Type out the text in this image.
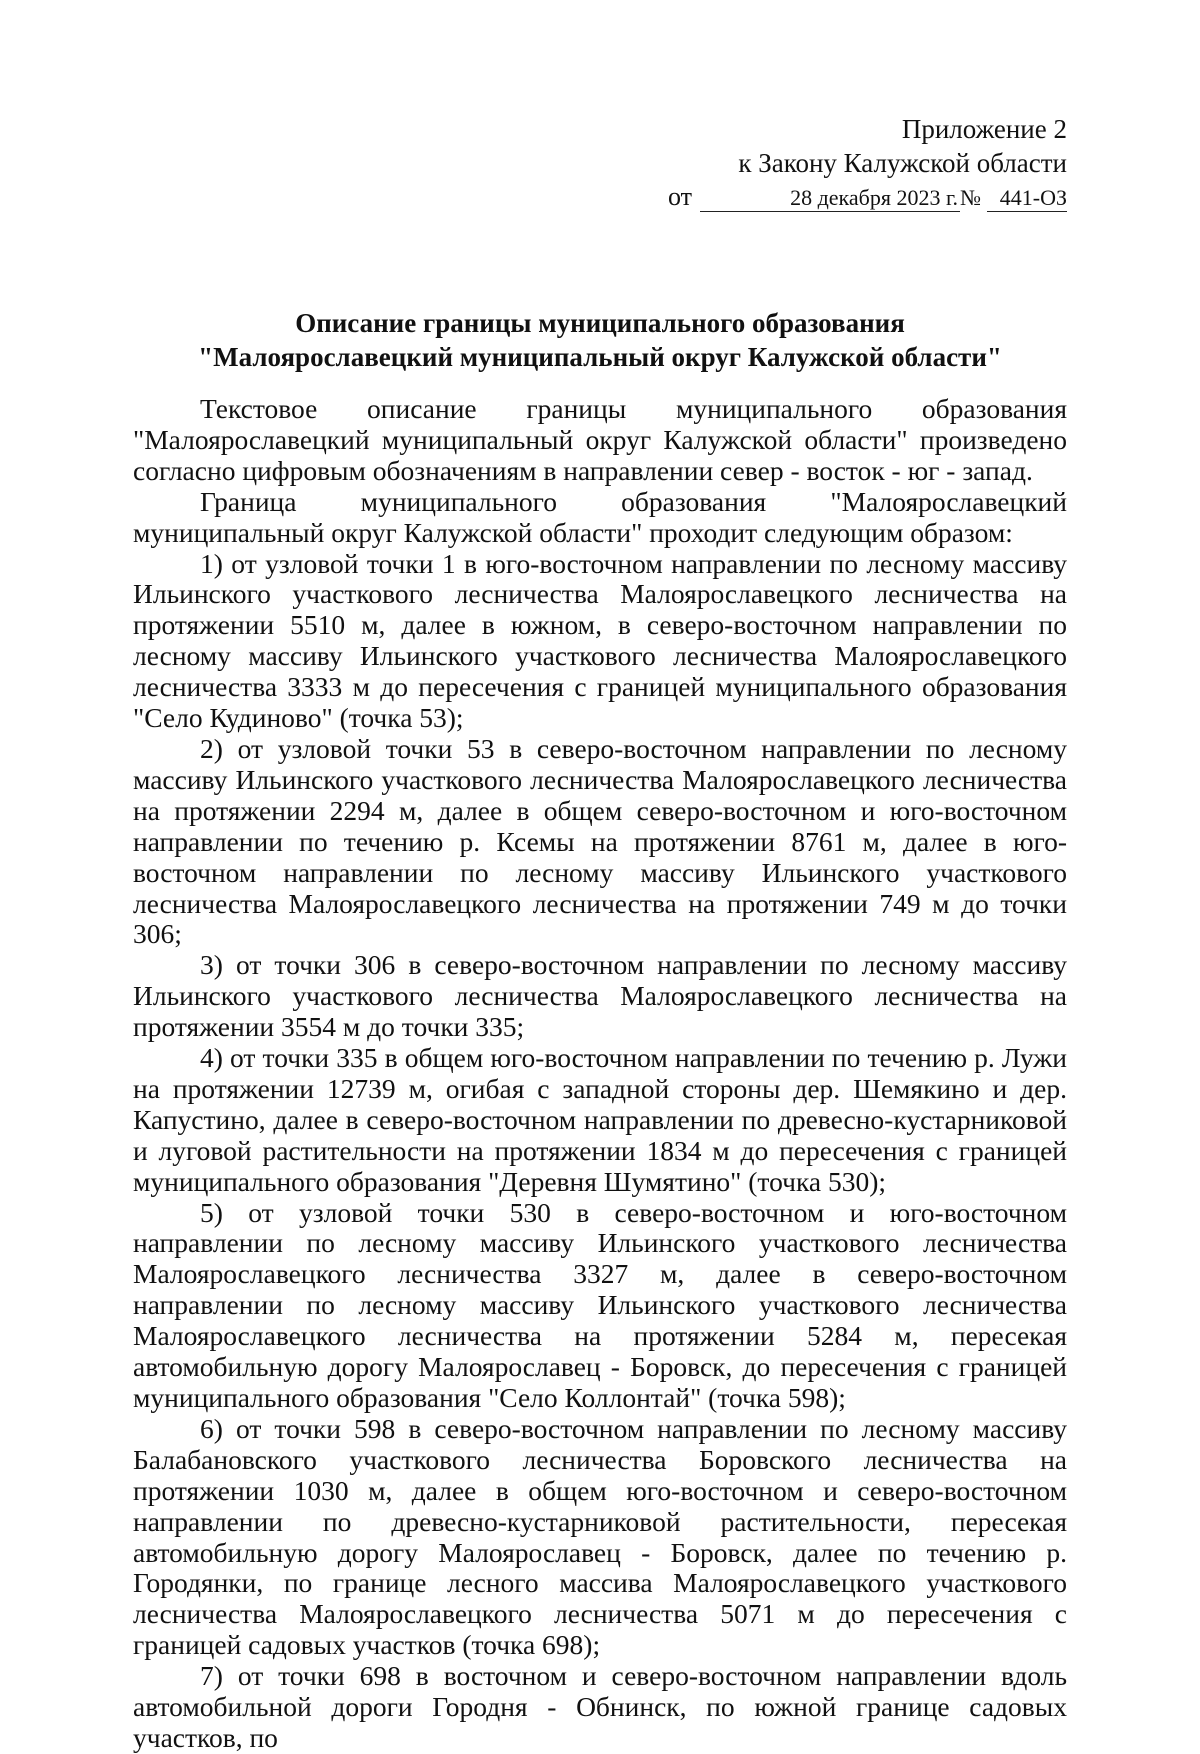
Приложение 2
к Закону Калужской области
от	28 декабря 2023 г.№ 441-ОЗ
Описание границы муниципального образования
"Малоярославецкий муниципальный округ Калужской области"

Текстовое описание границы муниципального образования "Малоярославецкий муниципальный округ Калужской области" произведено согласно цифровым обозначениям в направлении север - восток - юг - запад.

Граница муниципального образования "Малоярославецкий муниципальный округ Калужской области" проходит следующим образом:

1) от узловой точки 1 в юго-восточном направлении по лесному массиву Ильинского участкового лесничества Малоярославецкого лесничества на протяжении 5510 м, далее в южном, в северо-восточном направлении по лесному массиву Ильинского участкового лесничества Малоярославецкого лесничества 3333 м до пересечения с границей муниципального образования "Село Кудиново" (точка 53);

2) от узловой точки 53 в северо-восточном направлении по лесному массиву Ильинского участкового лесничества Малоярославецкого лесничества на протяжении 2294 м, далее в общем северо-восточном и юго-восточном направлении по течению р. Ксемы на протяжении 8761 м, далее в юго-восточном направлении по лесному массиву Ильинского участкового лесничества Малоярославецкого лесничества на протяжении 749 м до точки 306;

3) от точки 306 в северо-восточном направлении по лесному массиву Ильинского участкового лесничества Малоярославецкого лесничества на протяжении 3554 м до точки 335;

4) от точки 335 в общем юго-восточном направлении по течению р. Лужи на протяжении 12739 м, огибая с западной стороны дер. Шемякино и дер. Капустино, далее в северо-восточном направлении по древесно-кустарниковой и луговой растительности на протяжении 1834 м до пересечения с границей муниципального образования "Деревня Шумятино" (точка 530);

5) от узловой точки 530 в северо-восточном и юго-восточном направлении по лесному массиву Ильинского участкового лесничества Малоярославецкого лесничества 3327 м, далее в северо-восточном направлении по лесному массиву Ильинского участкового лесничества Малоярославецкого лесничества на протяжении 5284 м, пересекая автомобильную дорогу Малоярославец - Боровск, до пересечения с границей муниципального образования "Село Коллонтай" (точка 598);

6) от точки 598 в северо-восточном направлении по лесному массиву Балабановского участкового лесничества Боровского лесничества на протяжении 1030 м, далее в общем юго-восточном и северо-восточном направлении по древесно-кустарниковой растительности, пересекая автомобильную дорогу Малоярославец - Боровск, далее по течению р. Городянки, по границе лесного массива Малоярославецкого участкового лесничества Малоярославецкого лесничества 5071 м до пересечения с границей садовых участков (точка 698);

7) от точки 698 в восточном и северо-восточном направлении вдоль автомобильной дороги Городня - Обнинск, по южной границе садовых участков, по
